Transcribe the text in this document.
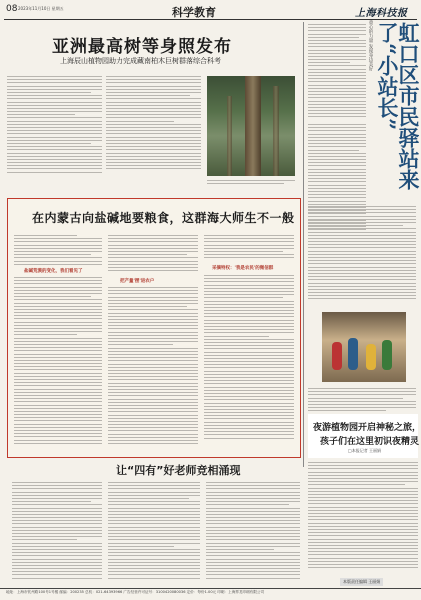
08 2023年11月10日 星期五	科学教育	上海科技报
亚洲最高树等身照发布
上海辰山植物园助力完成藏南柏木巨树群落综合科考	童心的力量 发现身边美好	虹口区市民驿站来了“小站长”
夜游植物园开启神秘之旅，
孩子们在这里初识夜精灵
□本报记者 王丽娟
本版责任编辑 王丽娟
在内蒙古向盐碱地要粮食，这群海大师生不一般
盐碱荒漠的变化，我们看见了
把产量'摆'进农户
采摘特权：'我是农民'的微信群
让“四有”好老师竞相涌现
地址：上海市钦州路100号1号楼 邮编：200235 总机：021-64393966 广告经营许可证号：3100420080036 定价：每份1.00元 印刷：上海界龙印刷有限公司
